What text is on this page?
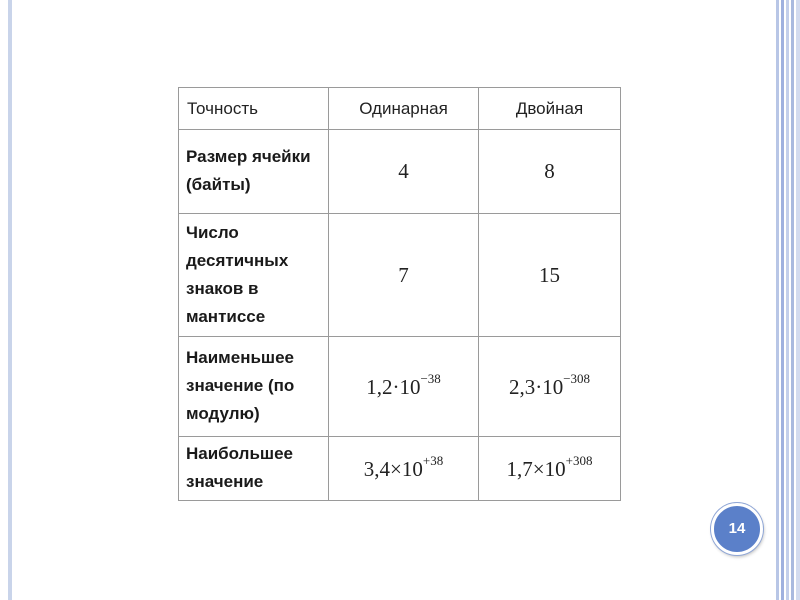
Точность	Одинарная	Двойная
Размер ячейки (байты)	4	8
Число десятичных знаков в мантиссе	7	15
Наименьшее значение (по модулю)	$1,2\cdot 10^{-38}$	$2,3\cdot 10^{-308}$
Наибольшее значение	$3,4\times 10^{+38}$	$1,7\times 10^{+308}$
14
